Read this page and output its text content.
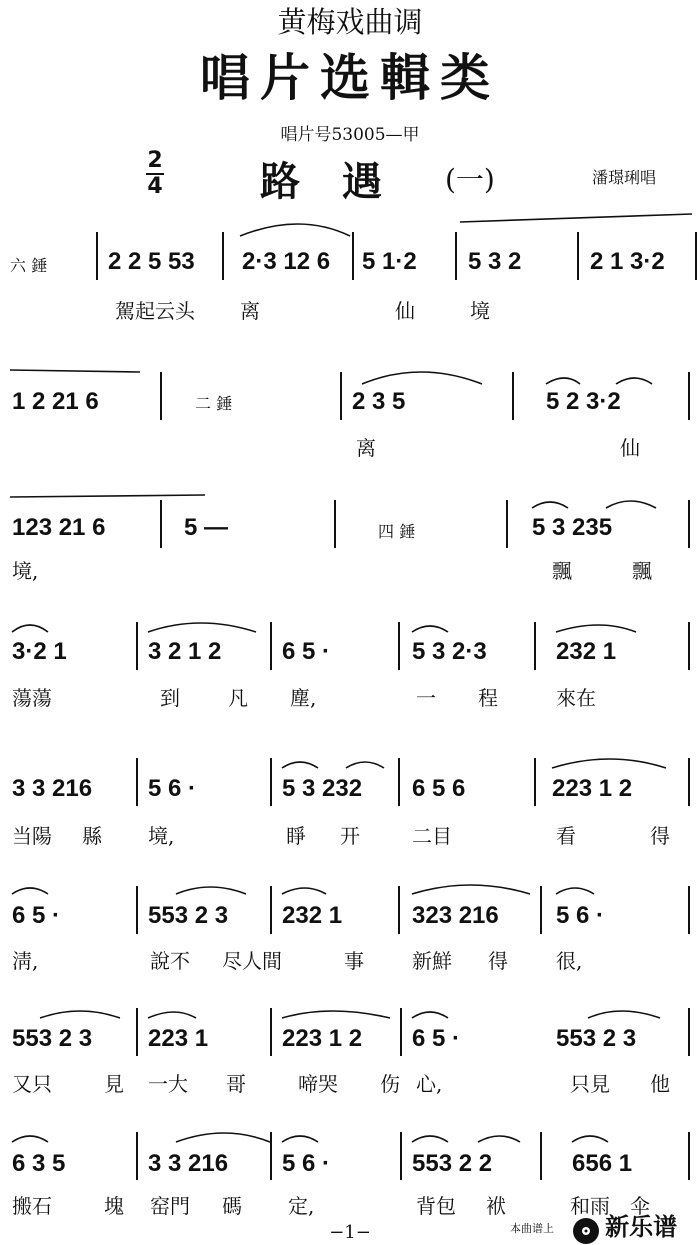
黄梅戏曲调
唱片选輯类
唱片号53005—甲
2
4 路 遇 (一)	潘璟琍唱
六 錘	2 2 5 53 2·3 12 6 5 1·2 5 3 2	2 1 3·2
駕起云头 离	仙	境
1 2 21 6	二 錘	2 3 5	5 2 3·2
离	仙
123 21 6	5 —	四 錘	5 3 235
境,	飄	飄
3·2 1	3 2 1 2	6 5 ·	5 3 2·3	232 1
蕩蕩	到 凡 塵,	一 程	來在
3 3 216 5 6 ·	5 3 232 6 5 6	223 1 2
当陽 縣 境,	睜 开	二目	看	得
6 5 ·	553 2 3 232 1	323 216 5 6 ·
淸,	說不 尽人間	事 新鮮 得 很,
553 2 3 223 1	223 1 2 6 5 ·	553 2 3
又只	見 一大 哥	啼哭 伤 心,	只見 他
6 3 5	3 3 216 5 6 ·	553 2 2	656 1
搬石	塊 窑門 碼 定,	背包 袱	和雨 伞
−1−	本曲谱上	新乐谱
